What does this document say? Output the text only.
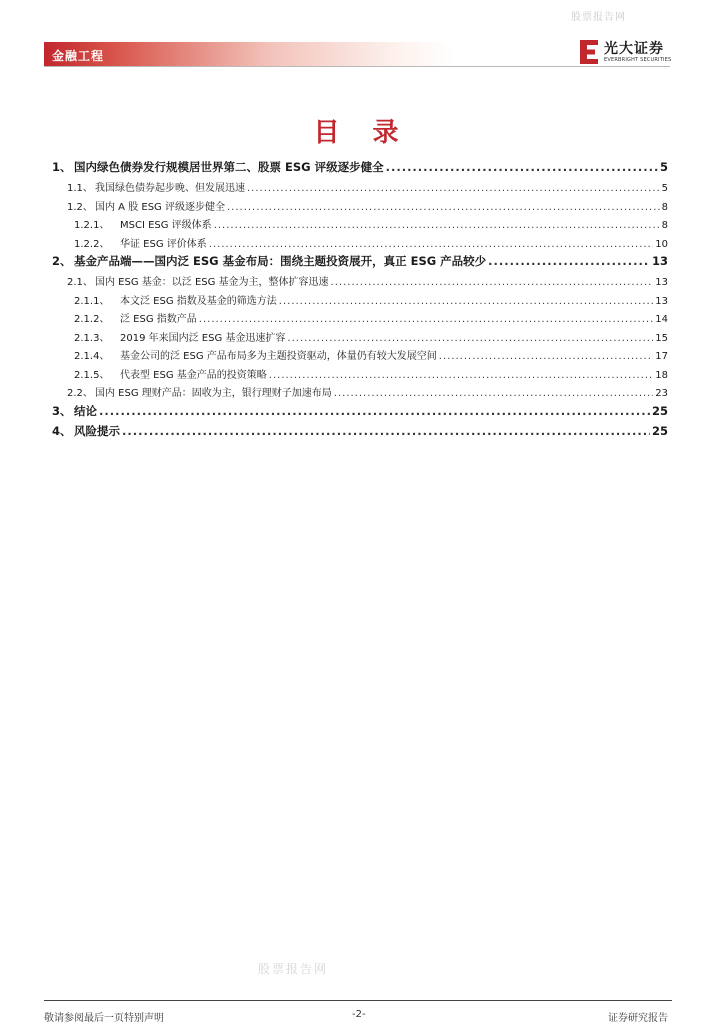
股票报告网
金融工程	光大证券
EVERBRIGHT SECURITIES
目 录
1、 国内绿色债券发行规模居世界第二、股票 ESG 评级逐步健全 .....	5
1.1、 我国绿色债券起步晚、但发展迅速 .....	5
1.2、 国内 A 股 ESG 评级逐步健全 .....	8
1.2.1、 MSCI ESG 评级体系 .....	8
1.2.2、 华证 ESG 评价体系 .....	10
2、 基金产品端——国内泛 ESG 基金布局：围绕主题投资展开，真正 ESG 产品较少 .....	13
2.1、 国内 ESG 基金：以泛 ESG 基金为主，整体扩容迅速 .....	13
2.1.1、 本文泛 ESG 指数及基金的筛选方法 .....	13
2.1.2、 泛 ESG 指数产品 .....	14
2.1.3、 2019 年来国内泛 ESG 基金迅速扩容 .....	15
2.1.4、 基金公司的泛 ESG 产品布局多为主题投资驱动，体量仍有较大发展空间 .....	17
2.1.5、 代表型 ESG 基金产品的投资策略 .....	18
2.2、 国内 ESG 理财产品：固收为主，银行理财子加速布局 .....	23
3、 结论 .....	25
4、 风险提示 .....	25
股票报告网
敬请参阅最后一页特别声明	-2-	证券研究报告
